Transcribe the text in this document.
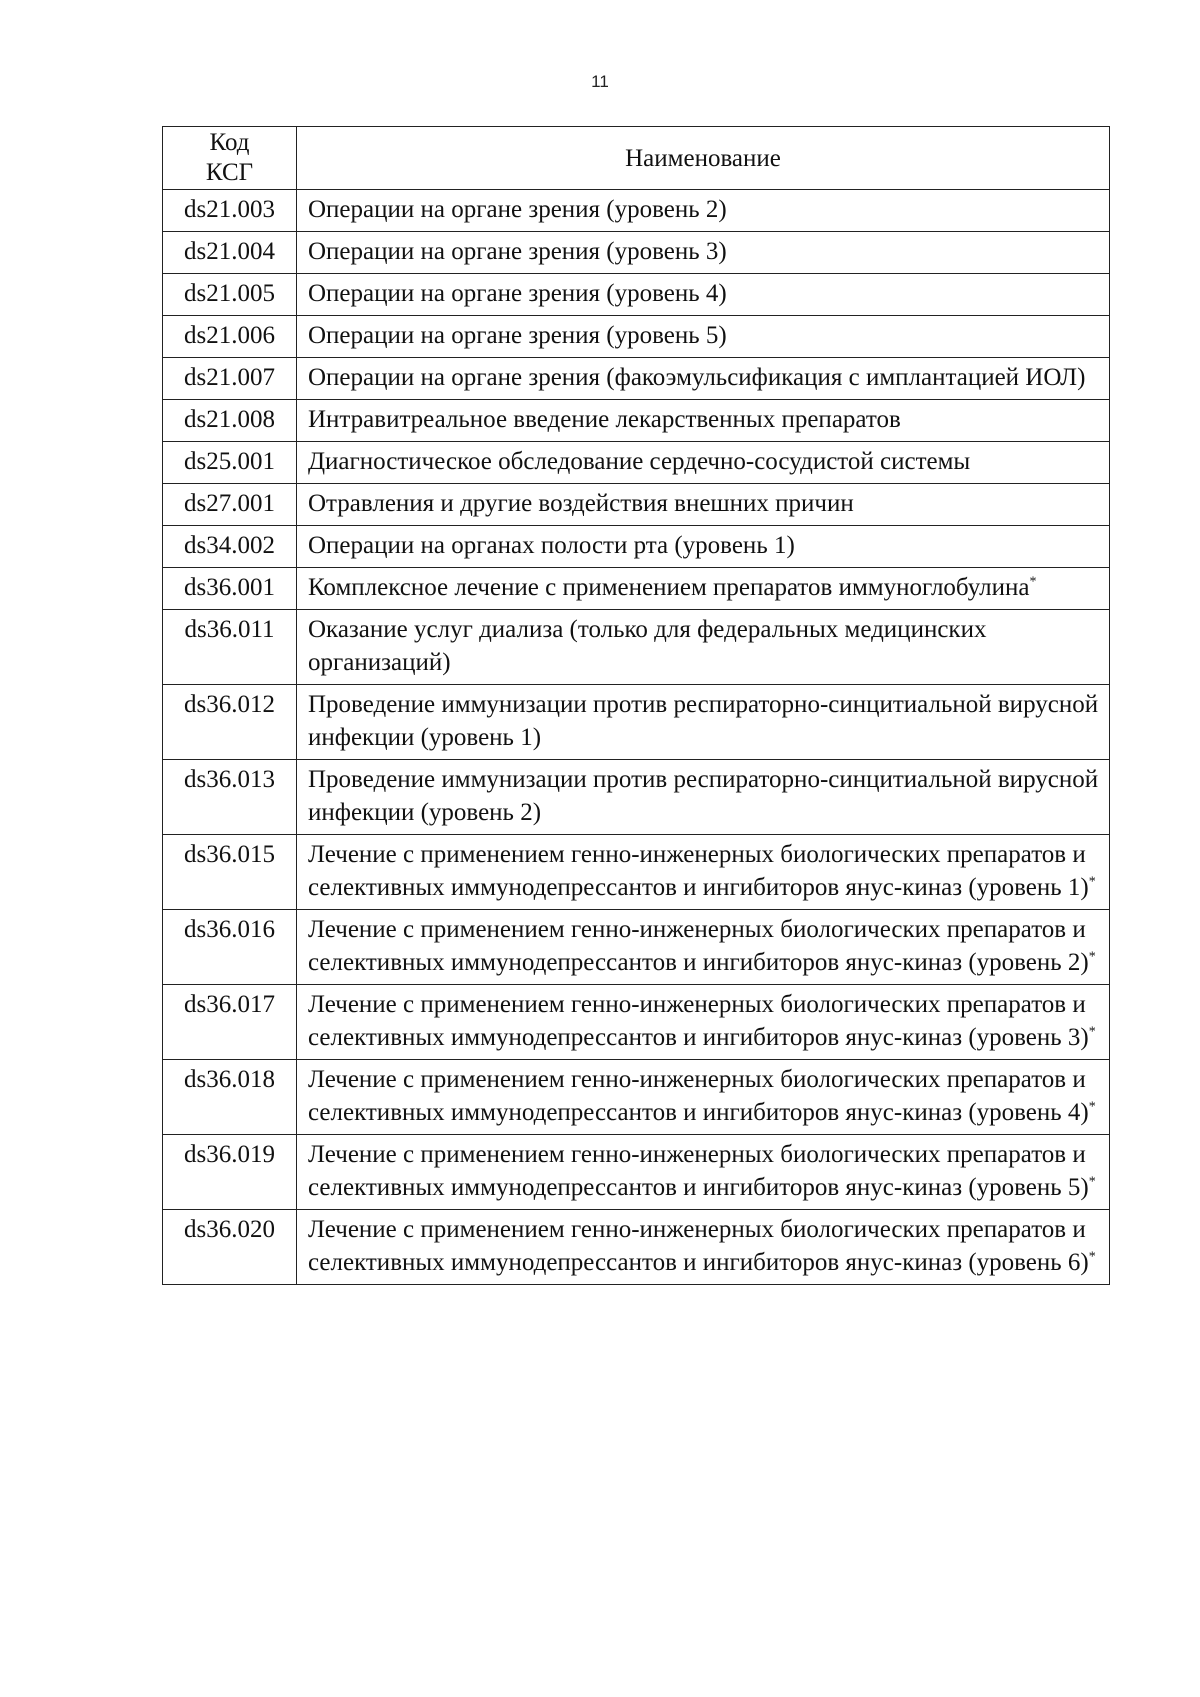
11
Код
КСГ	Наименование
ds21.003	Операции на органе зрения (уровень 2)
ds21.004	Операции на органе зрения (уровень 3)
ds21.005	Операции на органе зрения (уровень 4)
ds21.006	Операции на органе зрения (уровень 5)
ds21.007	Операции на органе зрения (факоэмульсификация с имплантацией ИОЛ)
ds21.008	Интравитреальное введение лекарственных препаратов
ds25.001	Диагностическое обследование сердечно-сосудистой системы
ds27.001	Отравления и другие воздействия внешних причин
ds34.002	Операции на органах полости рта (уровень 1)
ds36.001	Комплексное лечение с применением препаратов иммуноглобулина*
ds36.011	Оказание услуг диализа (только для федеральных медицинских организаций)
ds36.012	Проведение иммунизации против респираторно-синцитиальной вирусной инфекции (уровень 1)
ds36.013	Проведение иммунизации против респираторно-синцитиальной вирусной инфекции (уровень 2)
ds36.015	Лечение с применением генно-инженерных биологических препаратов и селективных иммунодепрессантов и ингибиторов янус-киназ (уровень 1)*
ds36.016	Лечение с применением генно-инженерных биологических препаратов и селективных иммунодепрессантов и ингибиторов янус-киназ (уровень 2)*
ds36.017	Лечение с применением генно-инженерных биологических препаратов и селективных иммунодепрессантов и ингибиторов янус-киназ (уровень 3)*
ds36.018	Лечение с применением генно-инженерных биологических препаратов и селективных иммунодепрессантов и ингибиторов янус-киназ (уровень 4)*
ds36.019	Лечение с применением генно-инженерных биологических препаратов и селективных иммунодепрессантов и ингибиторов янус-киназ (уровень 5)*
ds36.020	Лечение с применением генно-инженерных биологических препаратов и селективных иммунодепрессантов и ингибиторов янус-киназ (уровень 6)*
